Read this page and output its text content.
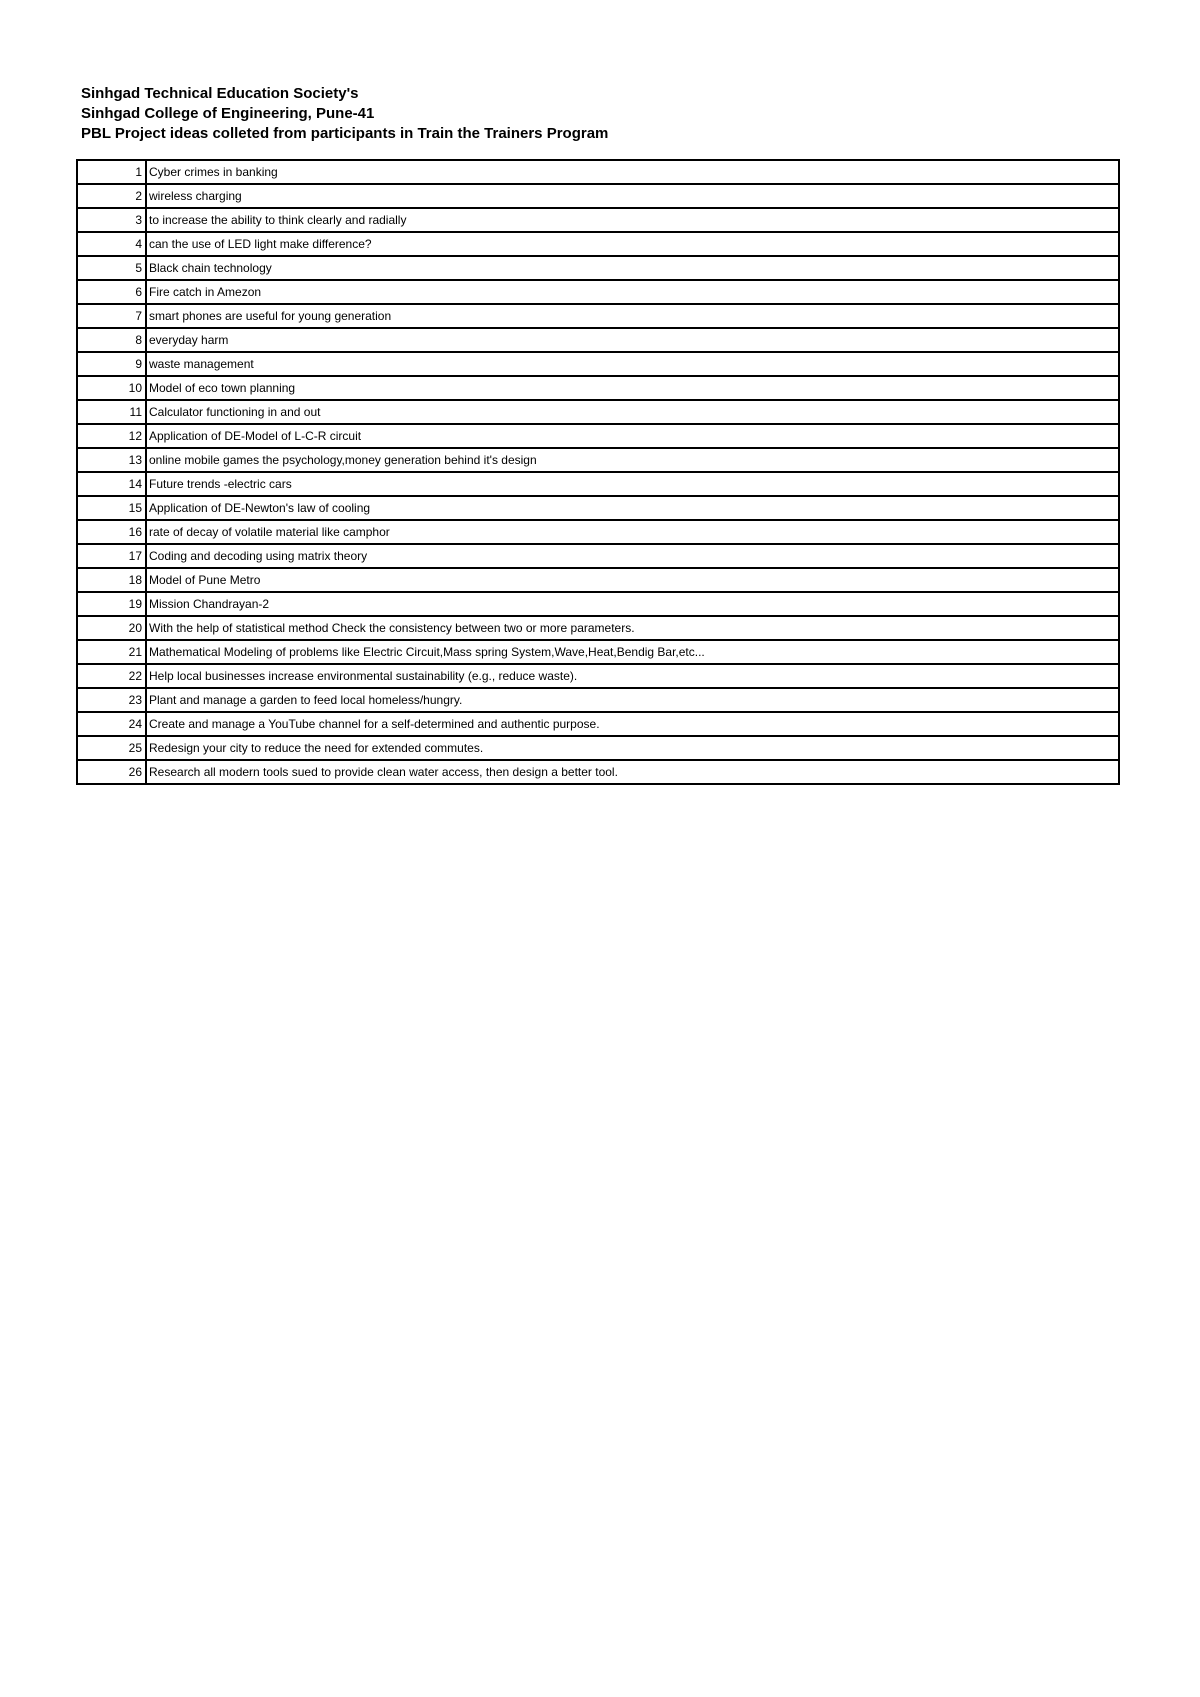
Sinhgad Technical Education Society's
Sinhgad College of Engineering, Pune-41
PBL Project ideas colleted from participants in Train the Trainers Program
1	Cyber crimes in banking
2	wireless charging
3	to increase the ability to think clearly and radially
4	can the use of LED light make difference?
5	Black chain technology
6	Fire catch in Amezon
7	smart phones are useful for young generation
8	everyday harm
9	waste management
10	Model of eco town planning
11	Calculator functioning in and out
12	Application of DE-Model of L-C-R circuit
13	online mobile games the psychology,money generation behind it's design
14	Future trends -electric cars
15	Application of DE-Newton's law of cooling
16	rate of decay of volatile material like camphor
17	Coding and decoding using matrix theory
18	Model of Pune Metro
19	Mission Chandrayan-2
20	With the help of statistical method Check the consistency between two or more parameters.
21	Mathematical Modeling of problems like Electric Circuit,Mass spring System,Wave,Heat,Bendig Bar,etc...
22	Help local businesses increase environmental sustainability (e.g., reduce waste).
23	Plant and manage a garden to feed local homeless/hungry.
24	Create and manage a YouTube channel for a self-determined and authentic purpose.
25	Redesign your city to reduce the need for extended commutes.
26	Research all modern tools sued to provide clean water access, then design a better tool.
